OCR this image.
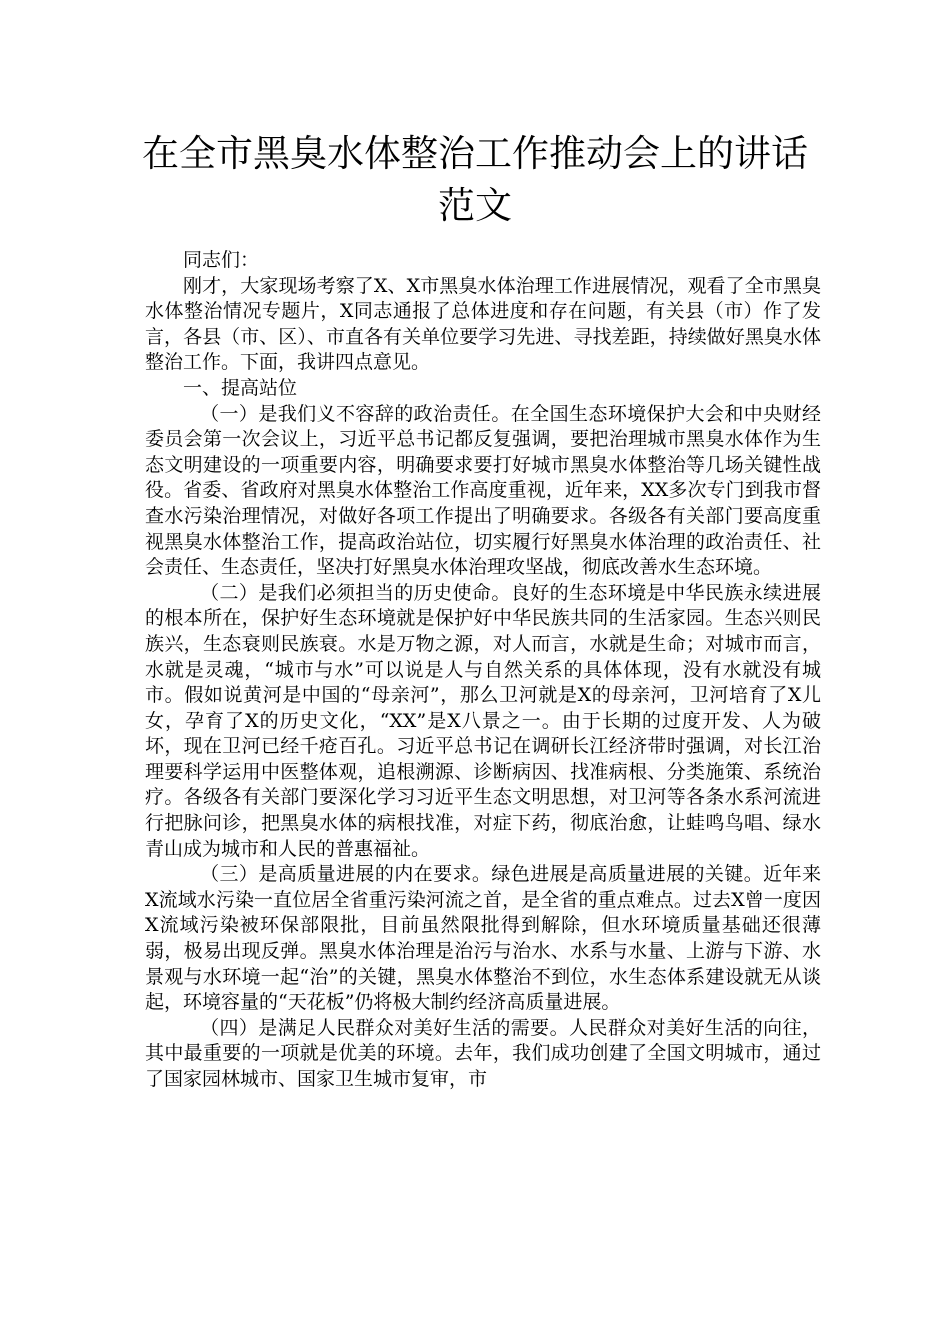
在全市黑臭水体整治工作推动会上的讲话范文

同志们：

刚才，大家现场考察了X、X市黑臭水体治理工作进展情况，观看了全市黑臭水体整治情况专题片，X同志通报了总体进度和存在问题，有关县（市）作了发言，各县（市、区）、市直各有关单位要学习先进、寻找差距，持续做好黑臭水体整治工作。下面，我讲四点意见。

一、提高站位

（一）是我们义不容辞的政治责任。在全国生态环境保护大会和中央财经委员会第一次会议上，习近平总书记都反复强调，要把治理城市黑臭水体作为生态文明建设的一项重要内容，明确要求要打好城市黑臭水体整治等几场关键性战役。省委、省政府对黑臭水体整治工作高度重视，近年来，XX多次专门到我市督查水污染治理情况，对做好各项工作提出了明确要求。各级各有关部门要高度重视黑臭水体整治工作，提高政治站位，切实履行好黑臭水体治理的政治责任、社会责任、生态责任，坚决打好黑臭水体治理攻坚战，彻底改善水生态环境。

（二）是我们必须担当的历史使命。良好的生态环境是中华民族永续进展的根本所在，保护好生态环境就是保护好中华民族共同的生活家园。生态兴则民族兴，生态衰则民族衰。水是万物之源，对人而言，水就是生命；对城市而言，水就是灵魂，“城市与水”可以说是人与自然关系的具体体现，没有水就没有城市。假如说黄河是中国的“母亲河”，那么卫河就是X的母亲河，卫河培育了X儿女，孕育了X的历史文化，“XX”是X八景之一。由于长期的过度开发、人为破坏，现在卫河已经千疮百孔。习近平总书记在调研长江经济带时强调，对长江治理要科学运用中医整体观，追根溯源、诊断病因、找准病根、分类施策、系统治疗。各级各有关部门要深化学习习近平生态文明思想，对卫河等各条水系河流进行把脉问诊，把黑臭水体的病根找准，对症下药，彻底治愈，让蛙鸣鸟唱、绿水青山成为城市和人民的普惠福祉。

（三）是高质量进展的内在要求。绿色进展是高质量进展的关键。近年来X流域水污染一直位居全省重污染河流之首，是全省的重点难点。过去X曾一度因X流域污染被环保部限批，目前虽然限批得到解除，但水环境质量基础还很薄弱，极易出现反弹。黑臭水体治理是治污与治水、水系与水量、上游与下游、水景观与水环境一起“治”的关键，黑臭水体整治不到位，水生态体系建设就无从谈起，环境容量的“天花板”仍将极大制约经济高质量进展。

（四）是满足人民群众对美好生活的需要。人民群众对美好生活的向往，其中最重要的一项就是优美的环境。去年，我们成功创建了全国文明城市，通过了国家园林城市、国家卫生城市复审，市
